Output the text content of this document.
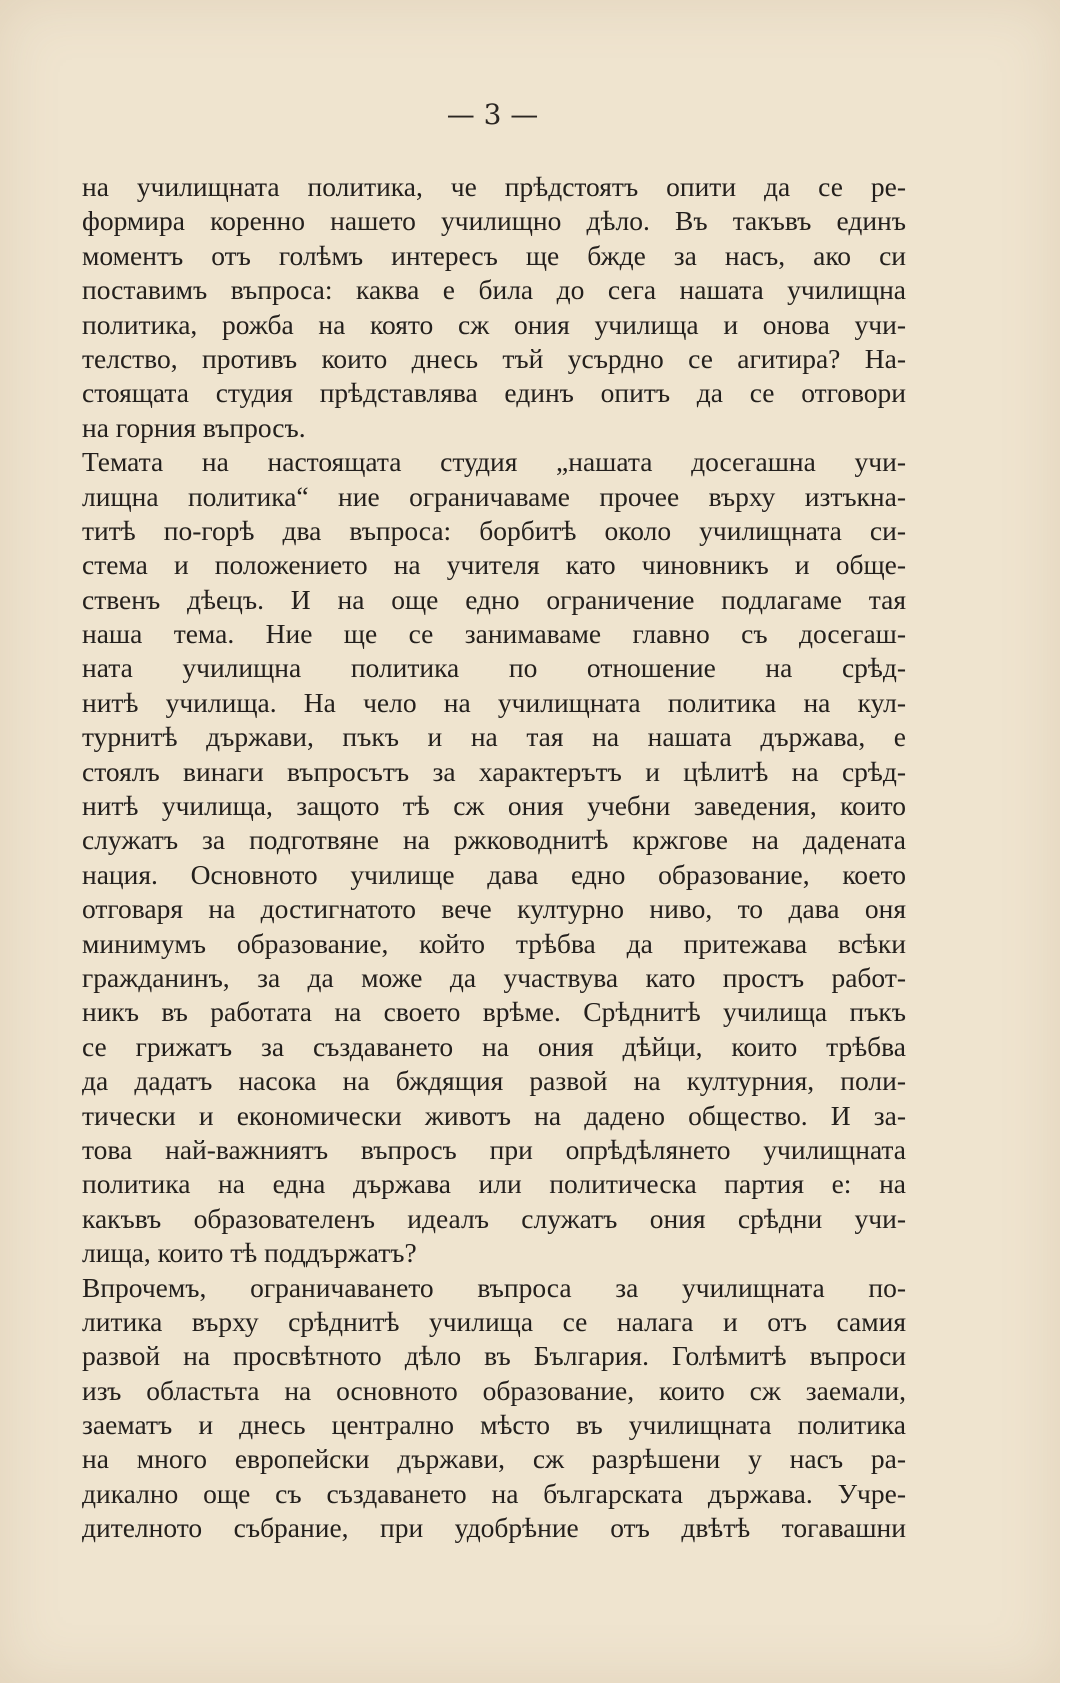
— 3 —
на училищната политика, че прѣдстоятъ опити да се ре-
формира коренно нашето училищно дѣло. Въ такъвъ единъ
моментъ отъ голѣмъ интересъ ще бжде за насъ, ако си
поставимъ въпроса: каква е била до сега нашата училищна
политика, рожба на която сж ония училища и онова учи-
телство, противъ които днесь тъй усърдно се агитира? На-
стоящата студия прѣдставлява единъ опитъ да се отговори
на горния въпросъ.
Темата на настоящата студия „нашата досегашна учи-
лищна политика“ ние ограничаваме прочее върху изтъкна-
титѣ по-горѣ два въпроса: борбитѣ около училищната си-
стема и положението на учителя като чиновникъ и обще-
ственъ дѣецъ. И на още едно ограничение подлагаме тая
наша тема. Ние ще се занимаваме главно съ досегаш-
ната училищна политика по отношение на срѣд-
нитѣ училища. На чело на училищната политика на кул-
турнитѣ държави, пъкъ и на тая на нашата държава, е
стоялъ винаги въпросътъ за характерътъ и цѣлитѣ на срѣд-
нитѣ училища, защото тѣ сж ония учебни заведения, които
служатъ за подготвяне на ржководнитѣ кржгове на дадената
нация. Основното училище дава едно образование, което
отговаря на достигнатото вече културно ниво, то дава оня
минимумъ образование, който трѣбва да притежава всѣки
гражданинъ, за да може да участвува като простъ работ-
никъ въ работата на своето врѣме. Срѣднитѣ училища пъкъ
се грижатъ за създаването на ония дѣйци, които трѣбва
да дадатъ насока на бждящия развой на културния, поли-
тически и економически животъ на дадено общество. И за-
това най-важниятъ въпросъ при опрѣдѣлянето училищната
политика на една държава или политическа партия е: на
какъвъ образователенъ идеалъ служатъ ония срѣдни учи-
лища, които тѣ поддържатъ?
Впрочемъ, ограничаването въпроса за училищната по-
литика върху срѣднитѣ училища се налага и отъ самия
развой на просвѣтното дѣло въ България. Голѣмитѣ въпроси
изъ областьта на основното образование, които сж заемали,
заематъ и днесь централно мѣсто въ училищната политика
на много европейски държави, сж разрѣшени у насъ ра-
дикално още съ създаването на българската държава. Учре-
дителното събрание, при удобрѣние отъ двѣтѣ тогавашни
